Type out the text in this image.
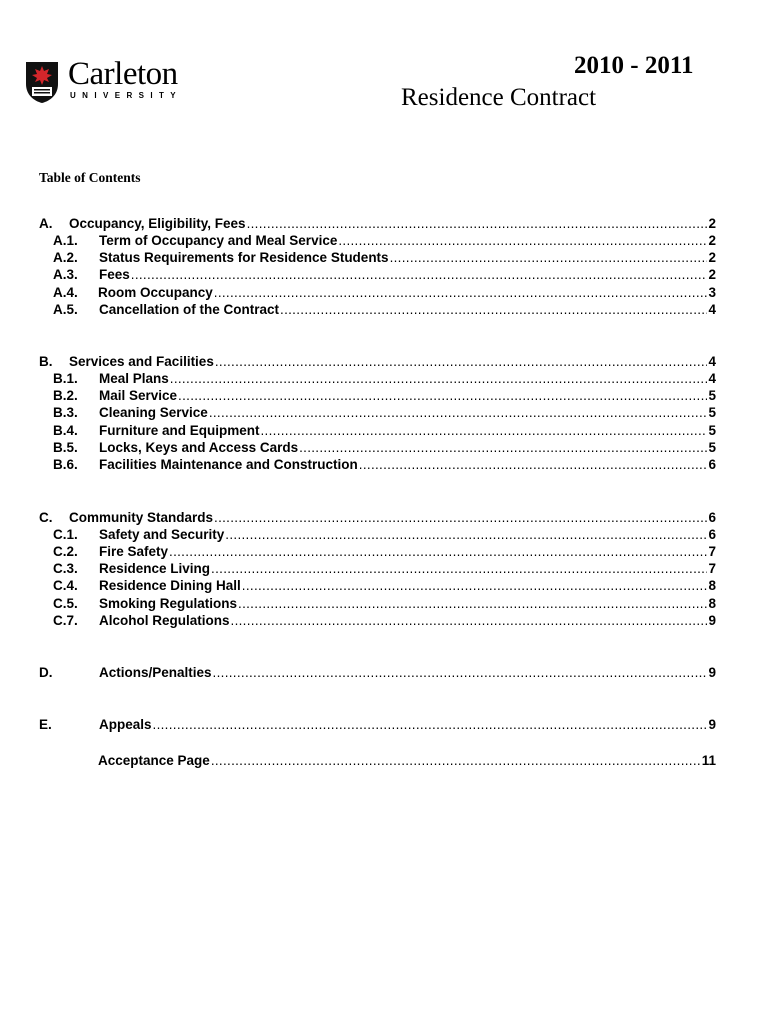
Carleton
UNIVERSITY
2010 - 2011
Residence Contract
Table of Contents
A.	Occupancy, Eligibility, Fees .....	2
A.1.	Term of Occupancy and Meal Service .....	2
A.2.	Status Requirements for Residence Students .....	2
A.3.	Fees .....	2
A.4.	Room Occupancy .....	3
A.5.	Cancellation of the Contract .....	4
B.	Services and Facilities .....	4
B.1.	Meal Plans .....	4
B.2.	Mail Service .....	5
B.3.	Cleaning Service .....	5
B.4.	Furniture and Equipment .....	5
B.5.	Locks, Keys and Access Cards .....	5
B.6.	Facilities Maintenance and Construction .....	6
C.	Community Standards .....	6
C.1.	Safety and Security .....	6
C.2.	Fire Safety .....	7
C.3.	Residence Living .....	7
C.4.	Residence Dining Hall .....	8
C.5.	Smoking Regulations .....	8
C.7.	Alcohol Regulations .....	9
D.	Actions/Penalties .....	9
E.	Appeals .....	9
Acceptance Page .....	11
